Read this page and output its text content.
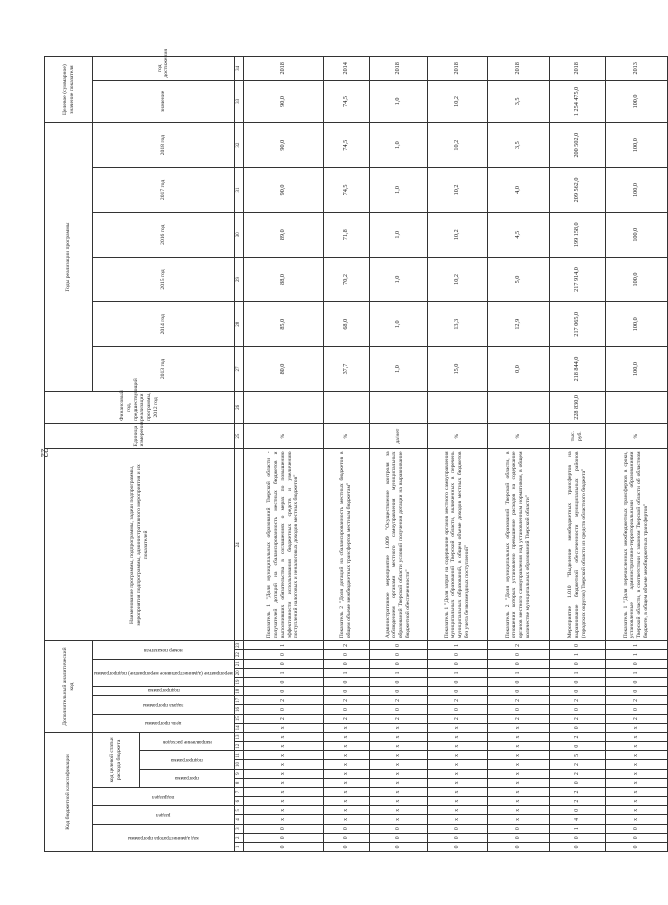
22
Код бюджетной классификации													Дополнительный аналитический код										Наименование программы, подпрограммы, задачи подпрограммы, мероприятия подпрограммы, административного мероприятия и их показателей	Единица измерения	Финансовый год, предшествующий реализации программы, 2012 год	Годы реализации программы						Целевое (суммарное) значение показателя	

код администратора программы			раздел		подраздел		код целевой статьи расхода бюджета						цель программы		задача программы		подпрограмма	мероприятие (административное мероприятие) подпрограммы			номер показателя					2013 год	2014 год	2015 год	2016 год	2017 год	2018 год	значение	год достижения

							программа		подпрограмма		направление расходов																						

1	2	3	4	5	6	7	8	9	10	11	12	13	14	15	16	17	18	19	20	21	22	23	24	25	26	27	28	29	30	31	32	33	34
0	0	0	x	x	x	x	x	x	x	x	x	x	x	2	0	2	0	0	1	0	0	1	Показатель 1 "Доля муниципальных образований Тверской области - получателей дотаций на сбалансированность местных бюджетов и выполнивших обязательства в соглашениях о мерах по повышению эффективности использования бюджетных средств и увеличению поступлений налоговых и неналоговых доходов местных бюджетов"	%		80,0	85,0	88,0	89,0	90,0	90,0	90,0	2018
0	0	0	x	x	x	x	x	x	x	x	x	x	x	2	0	2	0	0	1	0	0	2	Показатель 2 "Доля дотаций на сбалансированность местных бюджетов в общем объеме межбюджетных трансфертов местным бюджетам"	%		37,7	68,0	70,2	71,8	74,5	74,5	74,5	2014
0	0	0	x	x	x	x	x	x	x	x	x	x	x	2	0	2	0	0	1	0	0	0	Административное мероприятие 1.009 "Осуществление контроля за соблюдением органами местного самоуправления муниципальных образований Тверской области условий получения дотации на выравнивание бюджетной обеспеченности"	да/нет		1,0	1,0	1,0	1,0	1,0	1,0	1,0	2018
0	0	0	x	x	x	x	x	x	x	x	x	x	x	2	0	2	0	0	1	0	0	1	Показатель 1 "Доля затрат на содержание органов местного самоуправления муниципальных образований Тверской области, включенных в перечень муниципальных образований, в общем объеме доходов местных бюджетов без учета безвозмездных поступлений"	%		15,0	13,3	10,2	10,2	10,2	10,2	10,2	2018
0	0	0	x	x	x	x	x	x	x	x	x	x	x	2	0	2	0	0	1	0	0	2	Показатель 2 "Доля муниципальных образований Тверской области, в отношении которых установлено превышение расходов на содержание органов местного самоуправления над установленным нормативом, в общем количестве муниципальных образований Тверской области"	%		0,0	12,9	5,0	4,5	4,0	3,5	3,5	2018
0	0	1	4	0	2	2	0	2	2	5	0	2	0	2	0	2	0	0	1	0	1	0	Мероприятие 1.010 "Выделение межбюджетных трансфертов на выравнивание бюджетной обеспеченности муниципальных районов (городских округов) Тверской области из средств областного бюджета"	тыс. руб.	228 830,0	218 844,0	217 065,0	217 914,0	199 158,0	209 562,0	200 502,0	1 254 475,0	2018
0	0	0	x	x	x	x	x	x	x	x	x	x	x	2	0	2	0	0	1	0	1	1	Показатель 1 "Доля перечисленных межбюджетных трансфертов в сроки, установленные административно-территориальными образованиями Тверской области, в соответствии с законом Тверской области об областном бюджете, в общем объеме межбюджетных трансфертов"	%		100,0	100,0	100,0	100,0	100,0	100,0	100,0	2013
